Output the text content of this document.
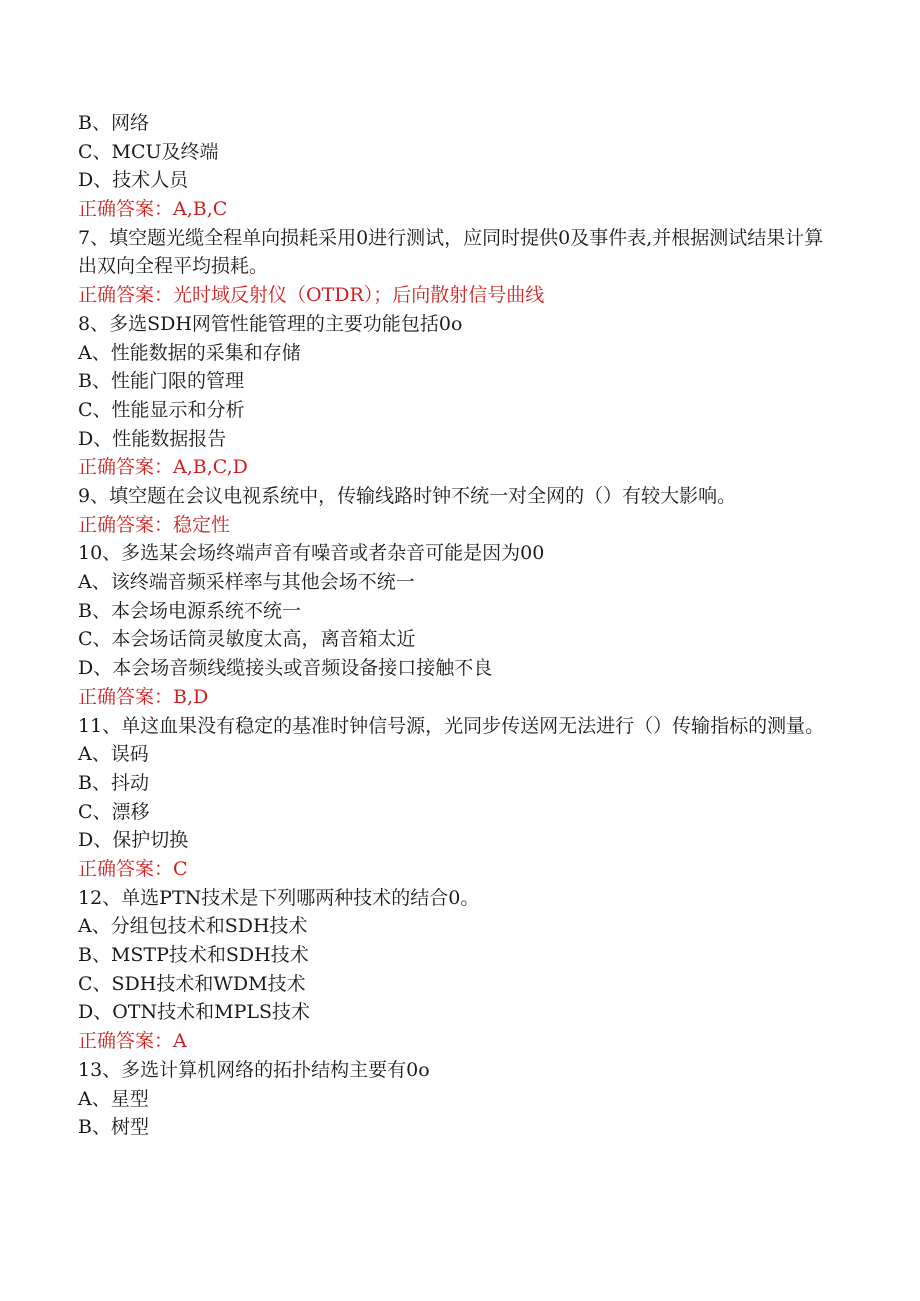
B、网络
C、MCU及终端
D、技术人员
正确答案：A,B,C
7、填空题光缆全程单向损耗采用0进行测试，应同时提供0及事件表,并根据测试结果计算出双向全程平均损耗。
正确答案：光时域反射仪（OTDR）；后向散射信号曲线
8、多选SDH网管性能管理的主要功能包括0o
A、性能数据的采集和存储
B、性能门限的管理
C、性能显示和分析
D、性能数据报告
正确答案：A,B,C,D
9、填空题在会议电视系统中，传输线路时钟不统一对全网的（）有较大影响。
正确答案：稳定性
10、多选某会场终端声音有噪音或者杂音可能是因为00
A、该终端音频采样率与其他会场不统一
B、本会场电源系统不统一
C、本会场话筒灵敏度太高，离音箱太近
D、本会场音频线缆接头或音频设备接口接触不良
正确答案：B,D
11、单这血果没有稳定的基准时钟信号源，光同步传送网无法进行（）传输指标的测量。
A、误码
B、抖动
C、漂移
D、保护切换
正确答案：C
12、单选PTN技术是下列哪两种技术的结合0。
A、分组包技术和SDH技术
B、MSTP技术和SDH技术
C、SDH技术和WDM技术
D、OTN技术和MPLS技术
正确答案：A
13、多选计算机网络的拓扑结构主要有0o
A、星型
B、树型
